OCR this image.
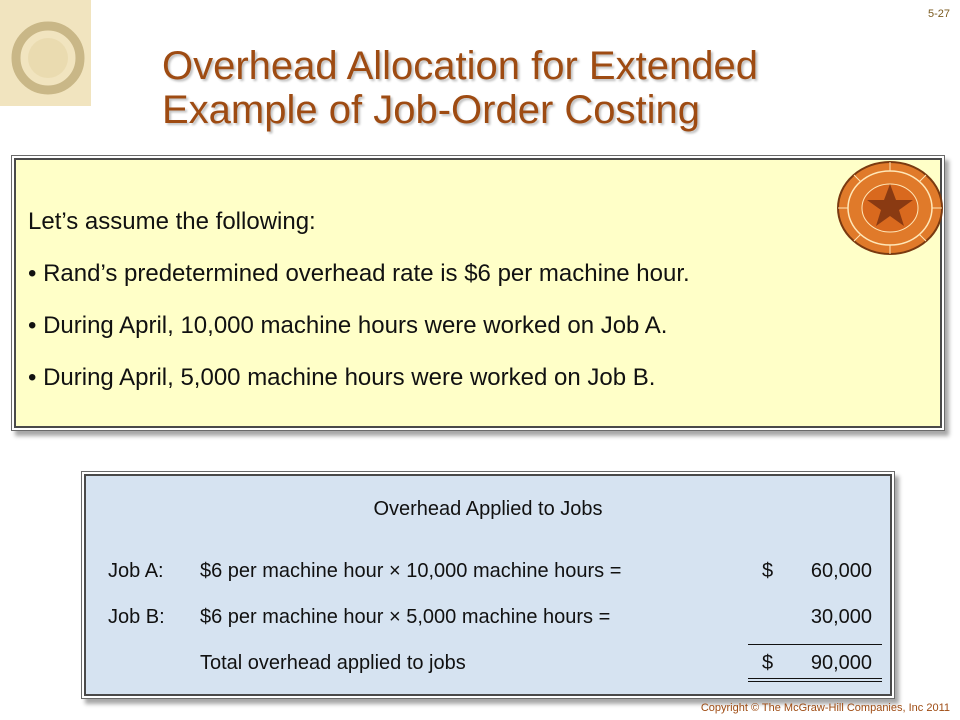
5-27
Overhead Allocation for Extended
Example of Job-Order Costing
Let’s assume the following:
• Rand’s predetermined overhead rate is $6 per machine hour.
• During April, 10,000 machine hours were worked on Job A.
• During April, 5,000 machine hours were worked on Job B.
Overhead Applied to Jobs
Job A: $6 per machine hour × 10,000 machine hours =	$	60,000
Job B: $6 per machine hour × 5,000 machine hours =	30,000
Total overhead applied to jobs	$	90,000
Copyright © The McGraw-Hill Companies, Inc 2011
